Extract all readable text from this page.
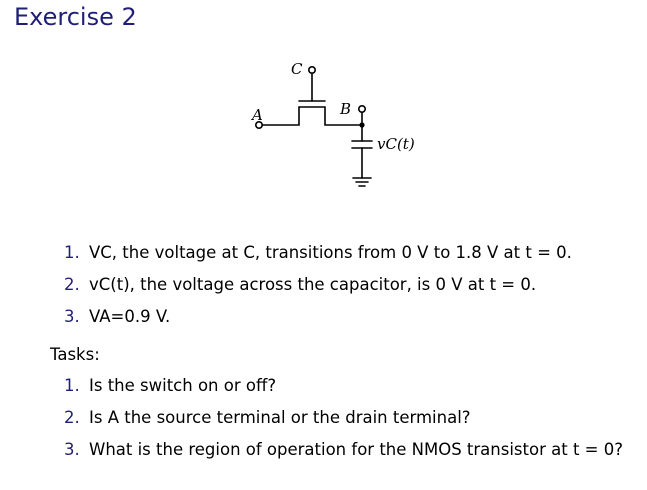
Exercise 2
C
B
A
vC(t)
1. VC, the voltage at C, transitions from 0 V to 1.8 V at t = 0.
2. vC(t), the voltage across the capacitor, is 0 V at t = 0.
3. VA=0.9 V.
Tasks:
1. Is the switch on or off?
2. Is A the source terminal or the drain terminal?
3. What is the region of operation for the NMOS transistor at t = 0?
